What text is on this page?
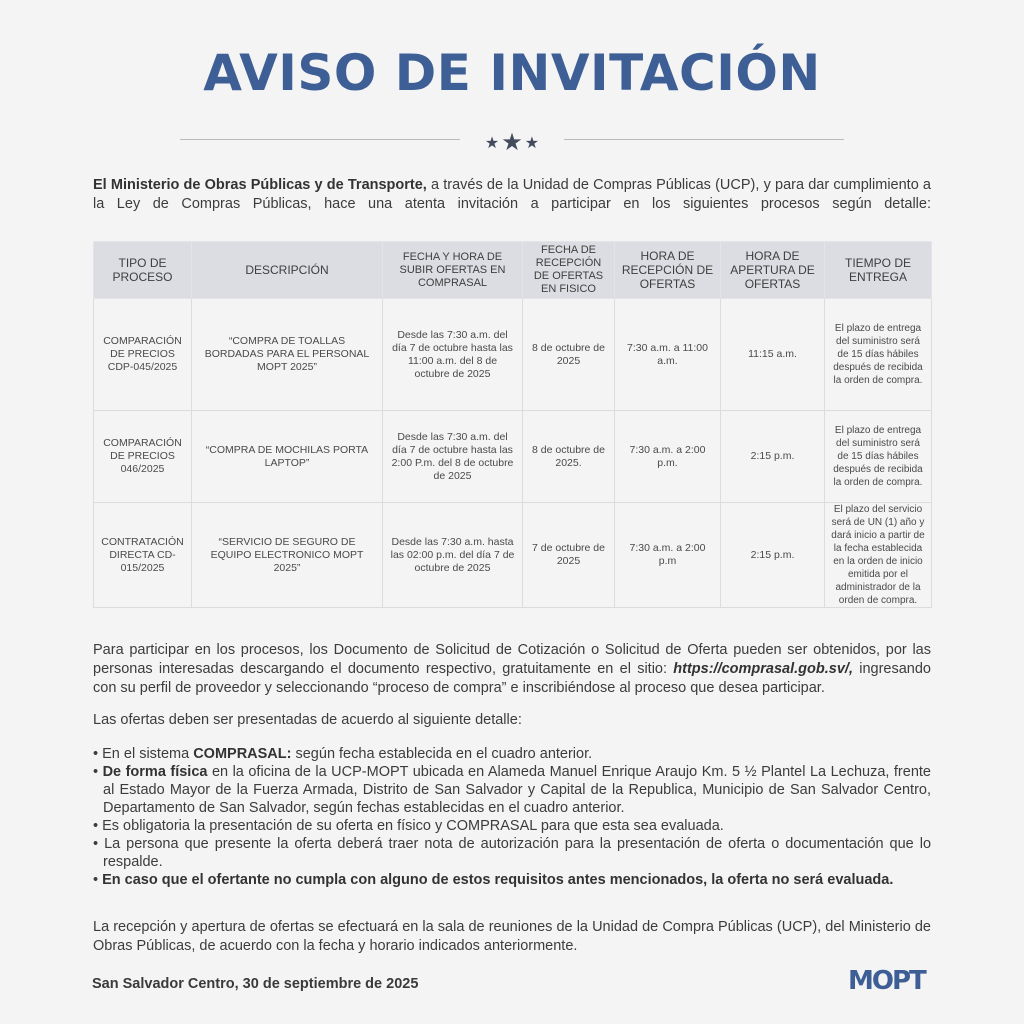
AVISO DE INVITACIÓN
★★ ★

El Ministerio de Obras Públicas y de Transporte, a través de la Unidad de Compras Públicas (UCP), y para dar cumplimiento a la Ley de Compras Públicas, hace una atenta invitación a participar en los siguientes procesos según detalle:

TIPO DE PROCESO	DESCRIPCIÓN	FECHA Y HORA DE SUBIR OFERTAS EN COMPRASAL	FECHA DE RECEPCIÓN DE OFERTAS EN FISICO	HORA DE RECEPCIÓN DE OFERTAS	HORA DE APERTURA DE OFERTAS	TIEMPO DE ENTREGA
COMPARACIÓN DE PRECIOS CDP-045/2025	“COMPRA DE TOALLAS BORDADAS PARA EL PERSONAL MOPT 2025”	Desde las 7:30 a.m. del día 7 de octubre hasta las 11:00 a.m. del 8 de octubre de 2025	8 de octubre de 2025	7:30 a.m. a 11:00 a.m.	11:15 a.m.	El plazo de entrega del suministro será de 15 días hábiles después de recibida la orden de compra.
COMPARACIÓN DE PRECIOS 046/2025	“COMPRA DE MOCHILAS PORTA LAPTOP”	Desde las 7:30 a.m. del día 7 de octubre hasta las 2:00 P.m. del 8 de octubre de 2025	8 de octubre de 2025.	7:30 a.m. a 2:00 p.m.	2:15 p.m.	El plazo de entrega del suministro será de 15 días hábiles después de recibida la orden de compra.
CONTRATACIÓN DIRECTA CD-015/2025	“SERVICIO DE SEGURO DE EQUIPO ELECTRONICO MOPT 2025”	Desde las 7:30 a.m. hasta las 02:00 p.m. del día 7 de octubre de 2025	7 de octubre de 2025	7:30 a.m. a 2:00 p.m	2:15 p.m.	El plazo del servicio será de UN (1) año y dará inicio a partir de la fecha establecida en la orden de inicio emitida por el administrador de la orden de compra.

Para participar en los procesos, los Documento de Solicitud de Cotización o Solicitud de Oferta pueden ser obtenidos, por las personas interesadas descargando el documento respectivo, gratuitamente en el sitio: https://comprasal.gob.sv/, ingresando con su perfil de proveedor y seleccionando “proceso de compra” e inscribiéndose al proceso que desea participar.

Las ofertas deben ser presentadas de acuerdo al siguiente detalle:

• En el sistema COMPRASAL: según fecha establecida en el cuadro anterior.
• De forma física en la oficina de la UCP-MOPT ubicada en Alameda Manuel Enrique Araujo Km. 5 ½ Plantel La Lechuza, frente al Estado Mayor de la Fuerza Armada, Distrito de San Salvador y Capital de la Republica, Municipio de San Salvador Centro, Departamento de San Salvador, según fechas establecidas en el cuadro anterior.
• Es obligatoria la presentación de su oferta en físico y COMPRASAL para que esta sea evaluada.
• La persona que presente la oferta deberá traer nota de autorización para la presentación de oferta o documentación que lo respalde.
• En caso que el ofertante no cumpla con alguno de estos requisitos antes mencionados, la oferta no será evaluada.

La recepción y apertura de ofertas se efectuará en la sala de reuniones de la Unidad de Compra Públicas (UCP), del Ministerio de Obras Públicas, de acuerdo con la fecha y horario indicados anteriormente.

San Salvador Centro, 30 de septiembre de 2025	MOPT
